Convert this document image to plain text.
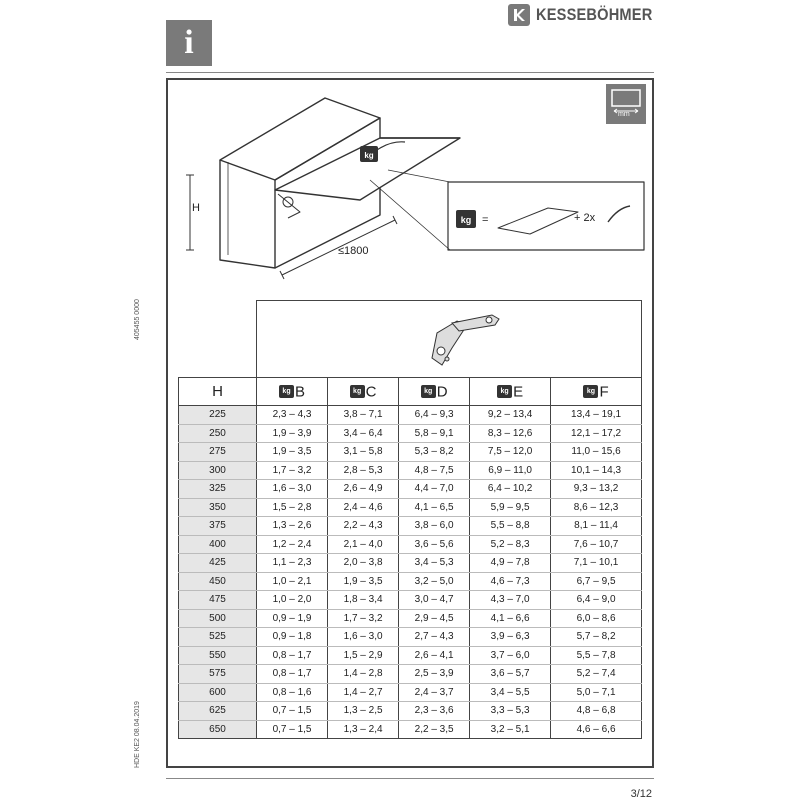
i
KESSEBÖHMER
405455 0000
HDE KE2 08.04.2019
mm
kg
kg
H
≤1800
=	+ 2x
H	kg B	kg C	kg D	kg E	kg F
225	2,3 – 4,3	3,8 – 7,1	6,4 – 9,3	9,2 – 13,4	13,4 – 19,1
250	1,9 – 3,9	3,4 – 6,4	5,8 – 9,1	8,3 – 12,6	12,1 – 17,2
275	1,9 – 3,5	3,1 – 5,8	5,3 – 8,2	7,5 – 12,0	11,0 – 15,6
300	1,7 – 3,2	2,8 – 5,3	4,8 – 7,5	6,9 – 11,0	10,1 – 14,3
325	1,6 – 3,0	2,6 – 4,9	4,4 – 7,0	6,4 – 10,2	9,3 – 13,2
350	1,5 – 2,8	2,4 – 4,6	4,1 – 6,5	5,9 – 9,5	8,6 – 12,3
375	1,3 – 2,6	2,2 – 4,3	3,8 – 6,0	5,5 – 8,8	8,1 – 11,4
400	1,2 – 2,4	2,1 – 4,0	3,6 – 5,6	5,2 – 8,3	7,6 – 10,7
425	1,1 – 2,3	2,0 – 3,8	3,4 – 5,3	4,9 – 7,8	7,1 – 10,1
450	1,0 – 2,1	1,9 – 3,5	3,2 – 5,0	4,6 – 7,3	6,7 – 9,5
475	1,0 – 2,0	1,8 – 3,4	3,0 – 4,7	4,3 – 7,0	6,4 – 9,0
500	0,9 – 1,9	1,7 – 3,2	2,9 – 4,5	4,1 – 6,6	6,0 – 8,6
525	0,9 – 1,8	1,6 – 3,0	2,7 – 4,3	3,9 – 6,3	5,7 – 8,2
550	0,8 – 1,7	1,5 – 2,9	2,6 – 4,1	3,7 – 6,0	5,5 – 7,8
575	0,8 – 1,7	1,4 – 2,8	2,5 – 3,9	3,6 – 5,7	5,2 – 7,4
600	0,8 – 1,6	1,4 – 2,7	2,4 – 3,7	3,4 – 5,5	5,0 – 7,1
625	0,7 – 1,5	1,3 – 2,5	2,3 – 3,6	3,3 – 5,3	4,8 – 6,8
650	0,7 – 1,5	1,3 – 2,4	2,2 – 3,5	3,2 – 5,1	4,6 – 6,6
3/12
